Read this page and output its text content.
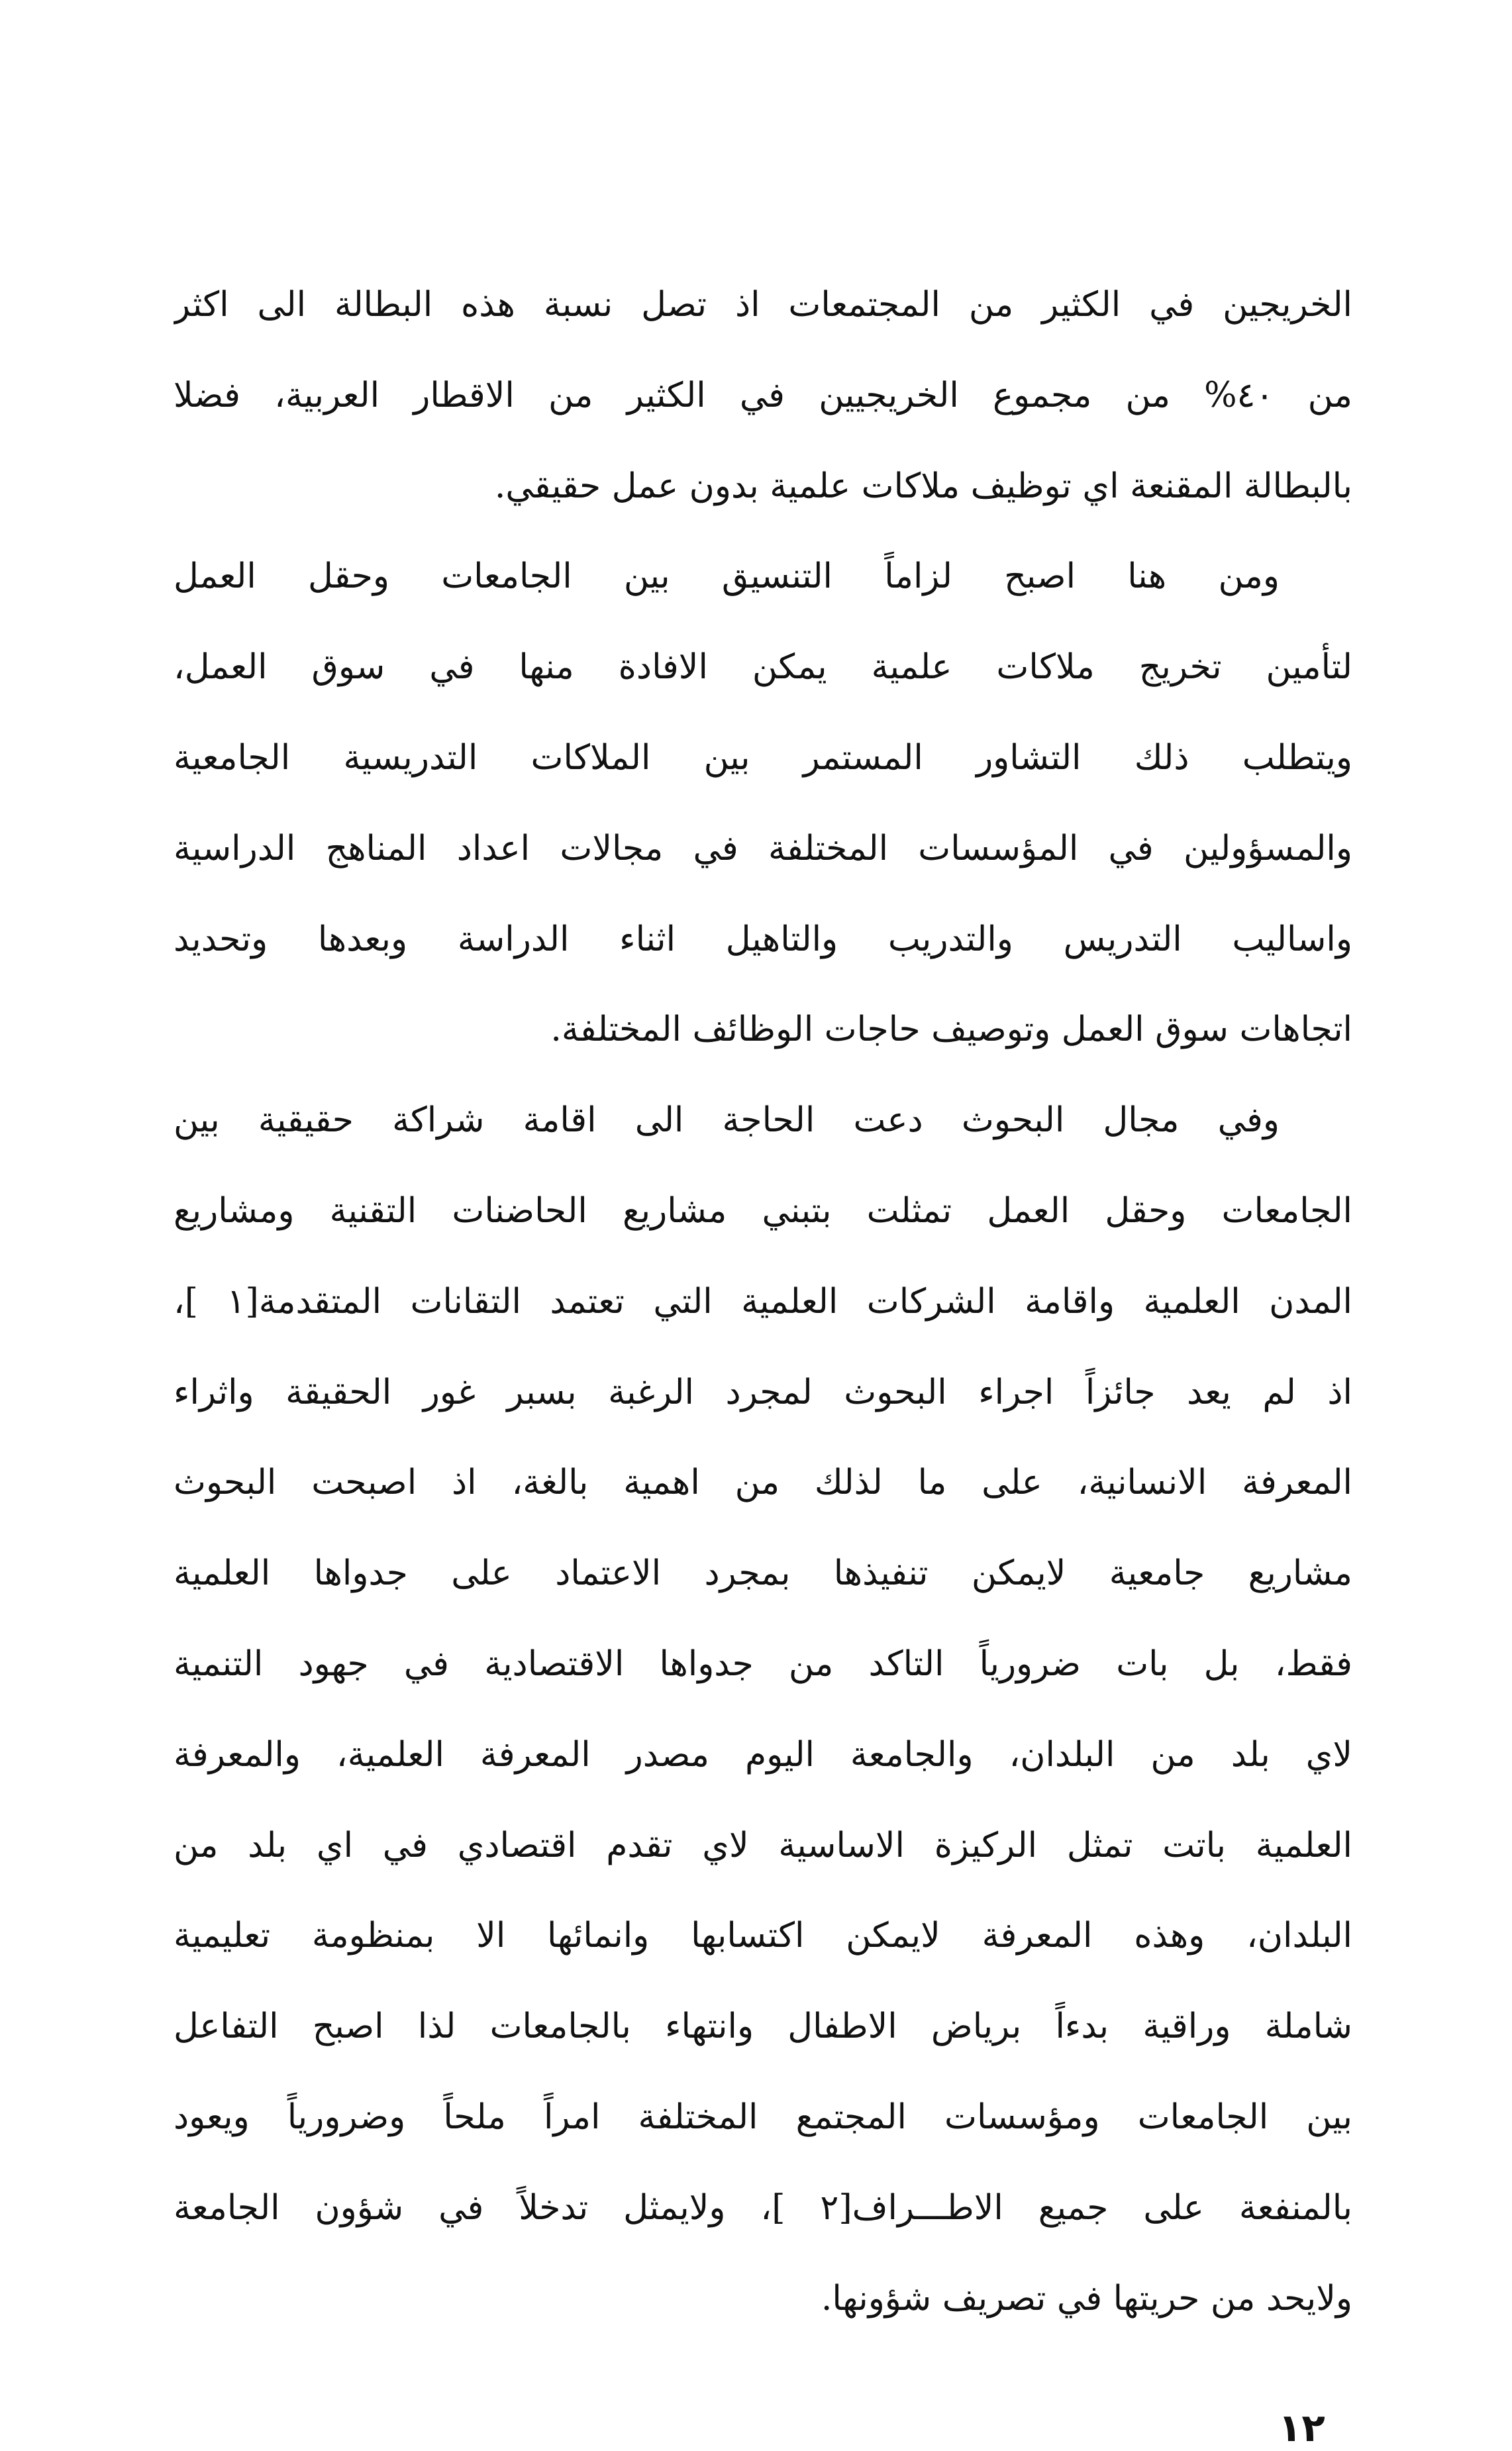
الخريجين في الكثير من المجتمعات اذ تصل نسبة هذه البطالة الى اكثر
من ٤٠% من مجموع الخريجيين في الكثير من الاقطار العربية، فضلا
بالبطالة المقنعة اي توظيف ملاكات علمية بدون عمل حقيقي.
ومن هنا اصبح لزاماً التنسيق بين الجامعات وحقل العمل
لتأمين تخريج ملاكات علمية يمكن الافادة منها في سوق العمل،
ويتطلب ذلك التشاور المستمر بين الملاكات التدريسية الجامعية
والمسؤولين في المؤسسات المختلفة في مجالات اعداد المناهج الدراسية
واساليب التدريس والتدريب والتاهيل اثناء الدراسة وبعدها وتحديد
اتجاهات سوق العمل وتوصيف حاجات الوظائف المختلفة.
وفي مجال البحوث دعت الحاجة الى اقامة شراكة حقيقية بين
الجامعات وحقل العمل تمثلت بتبني مشاريع الحاضنات التقنية ومشاريع
المدن العلمية واقامة الشركات العلمية التي تعتمد التقانات المتقدمة[١ ]،
اذ لم يعد جائزاً اجراء البحوث لمجرد الرغبة بسبر غور الحقيقة واثراء
المعرفة الانسانية، على ما لذلك من اهمية بالغة، اذ اصبحت البحوث
مشاريع جامعية لايمكن تنفيذها بمجرد الاعتماد على جدواها العلمية
فقط، بل بات ضرورياً التاكد من جدواها الاقتصادية في جهود التنمية
لاي بلد من البلدان، والجامعة اليوم مصدر المعرفة العلمية، والمعرفة
العلمية باتت تمثل الركيزة الاساسية لاي تقدم اقتصادي في اي بلد من
البلدان، وهذه المعرفة لايمكن اكتسابها وانمائها الا بمنظومة تعليمية
شاملة وراقية بدءاً برياض الاطفال وانتهاء بالجامعات لذا اصبح التفاعل
بين الجامعات ومؤسسات المجتمع المختلفة امراً ملحاً وضرورياً ويعود
بالمنفعة على جميع الاطـــراف[٢ ]، ولايمثل تدخلاً في شؤون الجامعة
ولايحد من حريتها في تصريف شؤونها.
١٢
